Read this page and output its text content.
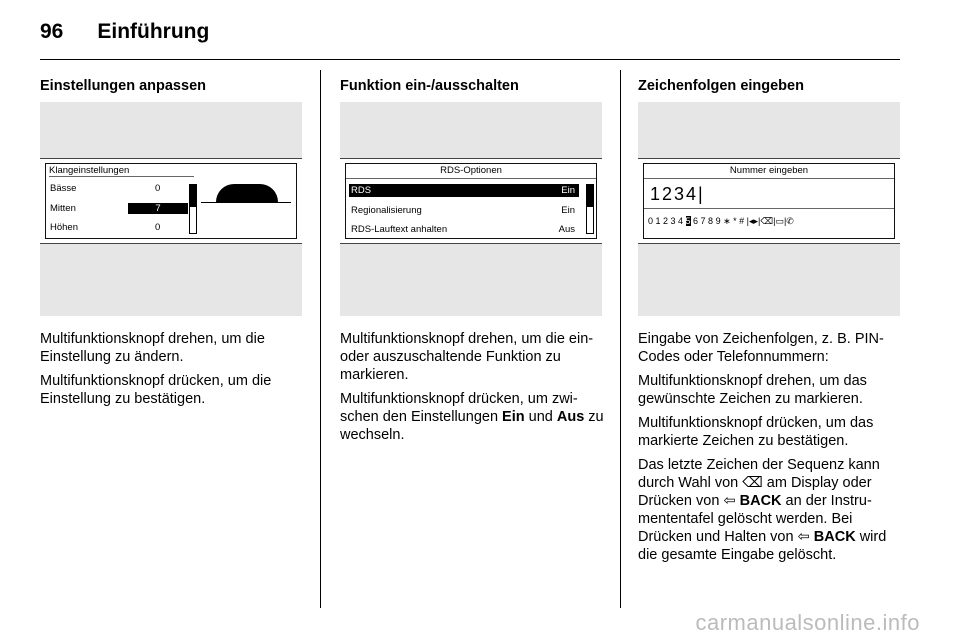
96 Einführung
Einstellungen anpassen
Klangeinstellungen
Bässe	0
Mitten	7
Höhen	0

Multifunktionsknopf drehen, um die Einstellung zu ändern.

Multifunktionsknopf drücken, um die Einstellung zu bestätigen.

Funktion ein-/ausschalten
RDS-Optionen
RDS	Ein
Regionalisierung	Ein
RDS-Lauftext anhalten	Aus

Multifunktionsknopf drehen, um die ein- oder auszuschaltende Funktion zu markieren.

Multifunktionsknopf drücken, um zwi- schen den Einstellungen Ein und Aus zu wechseln.

Zeichenfolgen eingeben
Nummer eingeben
1234|
0 1 2 3 4 5 6 7 8 9 ∗ * # |◂▸|⌫|▭|✆

Eingabe von Zeichenfolgen, z. B. PIN-Codes oder Telefonnummern:

Multifunktionsknopf drehen, um das gewünschte Zeichen zu markieren.

Multifunktionsknopf drücken, um das markierte Zeichen zu bestätigen.

Das letzte Zeichen der Sequenz kann durch Wahl von ⌫ am Display oder Drücken von ⇦ BACK an der Instru- mententafel gelöscht werden. Bei Drücken und Halten von ⇦ BACK wird die gesamte Eingabe gelöscht.

carmanualsonline.info
